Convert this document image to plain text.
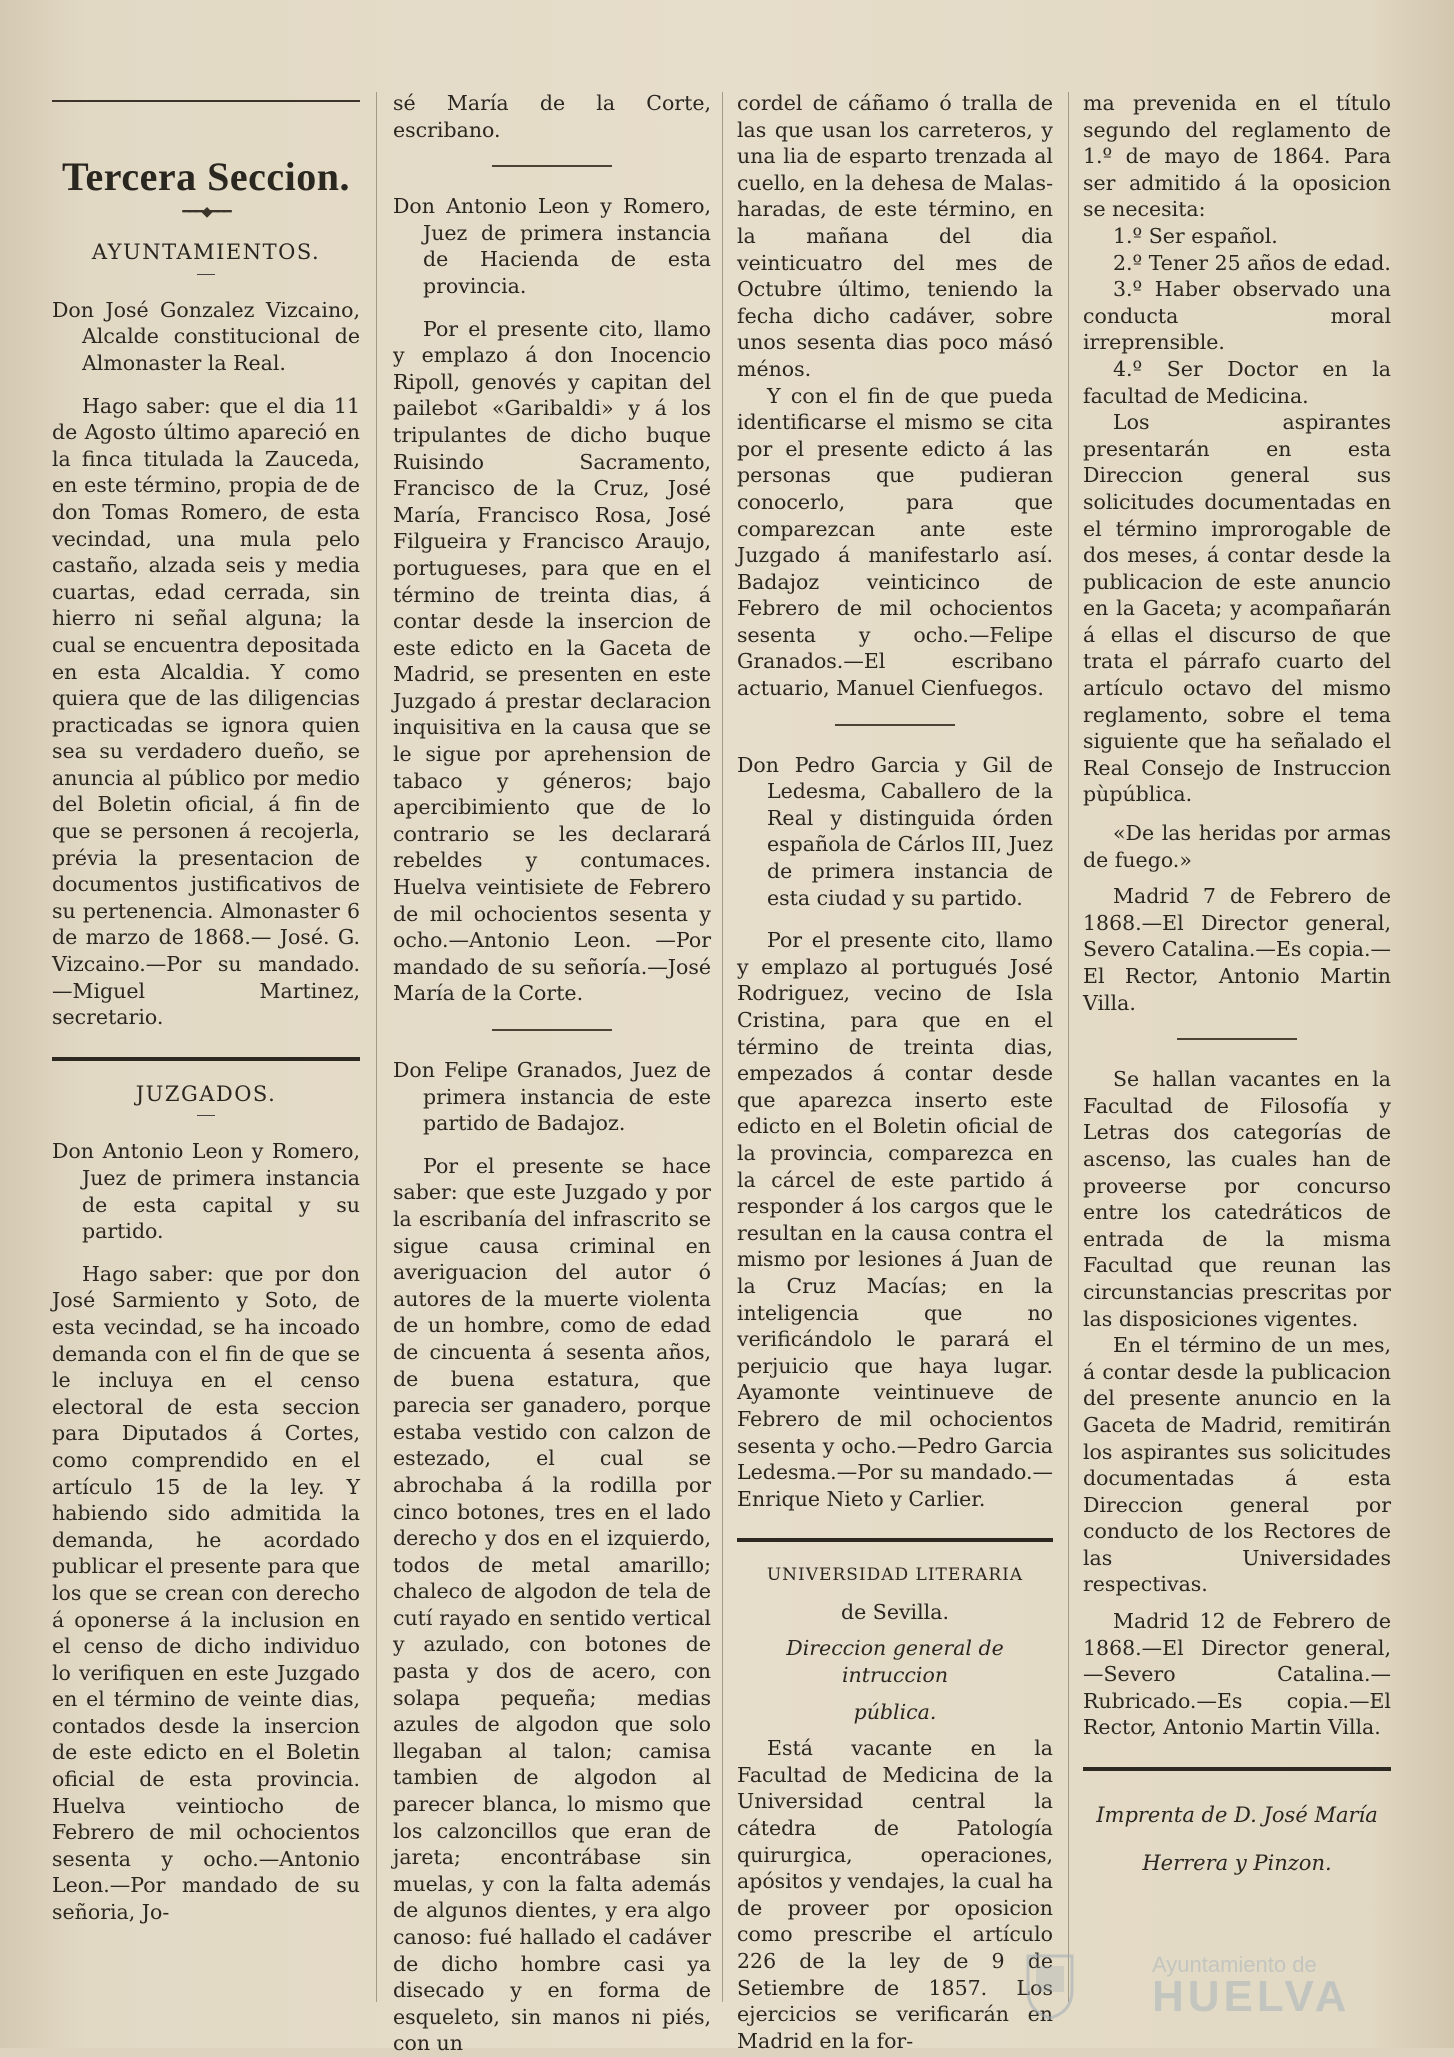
Tercera Seccion.
━━━◆━━━
AYUNTAMIENTOS.

Don José Gonzalez Vizcaino, Alcalde constitucional de Almonaster la Real.

Hago saber: que el dia 11 de Agosto último apareció en la finca titulada la Zauceda, en este término, propia de de don Tomas Romero, de esta vecindad, una mula pelo castaño, alzada seis y media cuartas, edad cerrada, sin hierro ni señal alguna; la cual se encuentra depositada en esta Alcaldia. Y como quiera que de las diligencias practicadas se ignora quien sea su verdadero dueño, se anuncia al público por medio del Boletin oficial, á fin de que se personen á recojerla, prévia la presentacion de documentos justificativos de su pertenencia. Almonaster 6 de marzo de 1868.— José. G. Vizcaino.—Por su mandado.—Miguel Martinez, secretario.

JUZGADOS.

Don Antonio Leon y Romero, Juez de primera instancia de esta capital y su partido.

Hago saber: que por don José Sarmiento y Soto, de esta vecindad, se ha incoado demanda con el fin de que se le incluya en el censo electoral de esta seccion para Diputados á Cortes, como comprendido en el artículo 15 de la ley. Y habiendo sido admitida la demanda, he acordado publicar el presente para que los que se crean con derecho á oponerse á la inclusion en el censo de dicho individuo lo verifiquen en este Juzgado en el término de veinte dias, contados desde la insercion de este edicto en el Boletin oficial de esta provincia. Huelva veintiocho de Febrero de mil ochocientos sesenta y ocho.—Antonio Leon.—Por mandado de su señoria, Jo-

sé María de la Corte, escribano.

Don Antonio Leon y Romero, Juez de primera instancia de Hacienda de esta provincia.

Por el presente cito, llamo y emplazo á don Inocencio Ripoll, genovés y capitan del pailebot «Garibaldi» y á los tripulantes de dicho buque Ruisindo Sacramento, Francisco de la Cruz, José María, Francisco Rosa, José Filgueira y Francisco Araujo, portugueses, para que en el término de treinta dias, á contar desde la insercion de este edicto en la Gaceta de Madrid, se presenten en este Juzgado á prestar declaracion inquisitiva en la causa que se le sigue por aprehension de tabaco y géneros; bajo apercibimiento que de lo contrario se les declarará rebeldes y contumaces. Huelva veintisiete de Febrero de mil ochocientos sesenta y ocho.—Antonio Leon. —Por mandado de su señoría.—José María de la Corte.

Don Felipe Granados, Juez de primera instancia de este partido de Badajoz.

Por el presente se hace saber: que este Juzgado y por la escribanía del infrascrito se sigue causa criminal en averiguacion del autor ó autores de la muerte violenta de un hombre, como de edad de cincuenta á sesenta años, de buena estatura, que parecia ser ganadero, porque estaba vestido con calzon de estezado, el cual se abrochaba á la rodilla por cinco botones, tres en el lado derecho y dos en el izquierdo, todos de metal amarillo; chaleco de algodon de tela de cutí rayado en sentido vertical y azulado, con botones de pasta y dos de acero, con solapa pequeña; medias azules de algodon que solo llegaban al talon; camisa tambien de algodon al parecer blanca, lo mismo que los calzoncillos que eran de jareta; encontrábase sin muelas, y con la falta además de algunos dientes, y era algo canoso: fué hallado el cadáver de dicho hombre casi ya disecado y en forma de esqueleto, sin manos ni piés, con un

cordel de cáñamo ó tralla de las que usan los carreteros, y una lia de esparto trenzada al cuello, en la dehesa de Malas-haradas, de este término, en la mañana del dia veinticuatro del mes de Octubre último, teniendo la fecha dicho cadáver, sobre unos sesenta dias poco másó ménos.

Y con el fin de que pueda identificarse el mismo se cita por el presente edicto á las personas que pudieran conocerlo, para que comparezcan ante este Juzgado á manifestarlo así. Badajoz veinticinco de Febrero de mil ochocientos sesenta y ocho.—Felipe Granados.—El escribano actuario, Manuel Cienfuegos.

Don Pedro Garcia y Gil de Ledesma, Caballero de la Real y distinguida órden española de Cárlos III, Juez de primera instancia de esta ciudad y su partido.

Por el presente cito, llamo y emplazo al portugués José Rodriguez, vecino de Isla Cristina, para que en el término de treinta dias, empezados á contar desde que aparezca inserto este edicto en el Boletin oficial de la provincia, comparezca en la cárcel de este partido á responder á los cargos que le resultan en la causa contra el mismo por lesiones á Juan de la Cruz Macías; en la inteligencia que no verificándolo le parará el perjuicio que haya lugar. Ayamonte veintinueve de Febrero de mil ochocientos sesenta y ocho.—Pedro Garcia Ledesma.—Por su mandado.— Enrique Nieto y Carlier.

UNIVERSIDAD LITERARIA

de Sevilla.

Direccion general de intruccion

pública.

Está vacante en la Facultad de Medicina de la Universidad central la cátedra de Patología quirurgica, operaciones, apósitos y vendajes, la cual ha de proveer por oposicion como prescribe el artículo 226 de la ley de 9 de Setiembre de 1857. Los ejercicios se verificarán en Madrid en la for-

ma prevenida en el título segundo del reglamento de 1.º de mayo de 1864. Para ser admitido á la oposicion se necesita:

1.º Ser español.

2.º Tener 25 años de edad.

3.º Haber observado una conducta moral irreprensible.

4.º Ser Doctor en la facultad de Medicina.

Los aspirantes presentarán en esta Direccion general sus solicitudes documentadas en el término improrogable de dos meses, á contar desde la publicacion de este anuncio en la Gaceta; y acompañarán á ellas el discurso de que trata el párrafo cuarto del artículo octavo del mismo reglamento, sobre el tema siguiente que ha señalado el Real Consejo de Instruccion pùpública.

«De las heridas por armas de fuego.»

Madrid 7 de Febrero de 1868.—El Director general, Severo Catalina.—Es copia.— El Rector, Antonio Martin Villa.

Se hallan vacantes en la Facultad de Filosofía y Letras dos categorías de ascenso, las cuales han de proveerse por concurso entre los catedráticos de entrada de la misma Facultad que reunan las circunstancias prescritas por las disposiciones vigentes.

En el término de un mes, á contar desde la publicacion del presente anuncio en la Gaceta de Madrid, remitirán los aspirantes sus solicitudes documentadas á esta Direccion general por conducto de los Rectores de las Universidades respectivas.

Madrid 12 de Febrero de 1868.—El Director general, —Severo Catalina.—Rubricado.—Es copia.—El Rector, Antonio Martin Villa.

Imprenta de D. José María
Herrera y Pinzon.
Ayuntamiento de
HUELVA
